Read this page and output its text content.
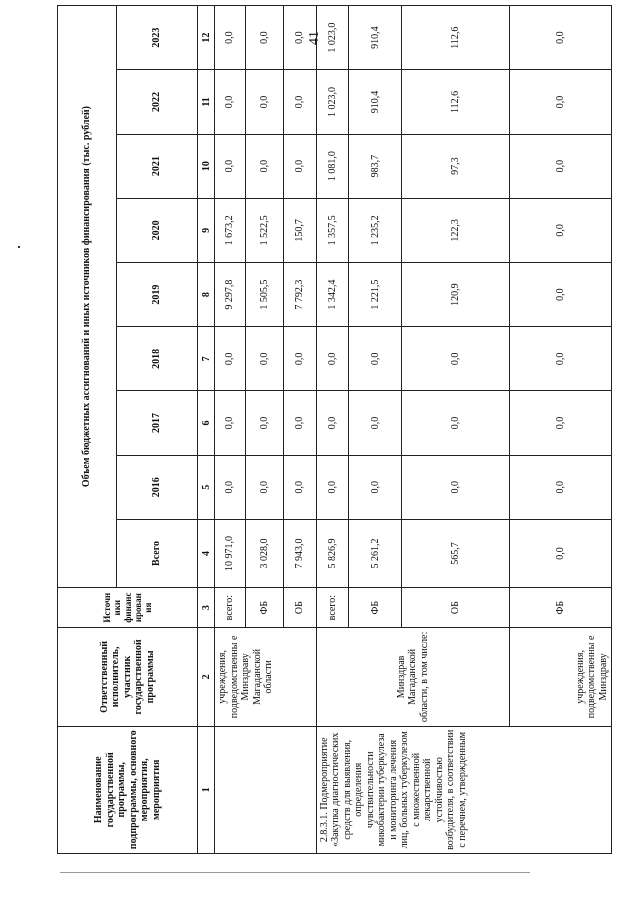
41
Наименование государственной программы, подпрограммы, основного мероприятия, мероприятия	Ответственный исполнитель, участник государственной программы	Источники финансирования	Объем бюджетных ассигнований и иных источников финансирования (тыс. рублей)								
			Всего	2016	2017	2018	2019	2020	2021	2022	2023
1	2	3	4	5	6	7	8	9	10	11	12
	учреждения, подведомственны е Минздраву Магаданской области	всего:	10 971,0	0,0	0,0	0,0	9 297,8	1 673,2	0,0	0,0	0,0
		ФБ	3 028,0	0,0	0,0	0,0	1 505,5	1 522,5	0,0	0,0	0,0
		ОБ	7 943,0	0,0	0,0	0,0	7 792,3	150,7	0,0	0,0	0,0
2.8.3.1. Подмероприятие «Закупка диагностических средств для выявления, определения чувствительности микобактерии туберкулеза и мониторинга лечения лиц, больных туберкулезом с множественной лекарственной устойчивостью возбудителя, в соответствии с перечнем, утвержденным	Минздрав Магаданской области, в том числе:	всего:	5 826,9	0,0	0,0	0,0	1 342,4	1 357,5	1 081,0	1 023,0	1 023,0
		ФБ	5 261,2	0,0	0,0	0,0	1 221,5	1 235,2	983,7	910,4	910,4
		ОБ	565,7	0,0	0,0	0,0	120,9	122,3	97,3	112,6	112,6
	учреждения, подведомственны е Минздраву	ФБ	0,0	0,0	0,0	0,0	0,0	0,0	0,0	0,0	0,0
